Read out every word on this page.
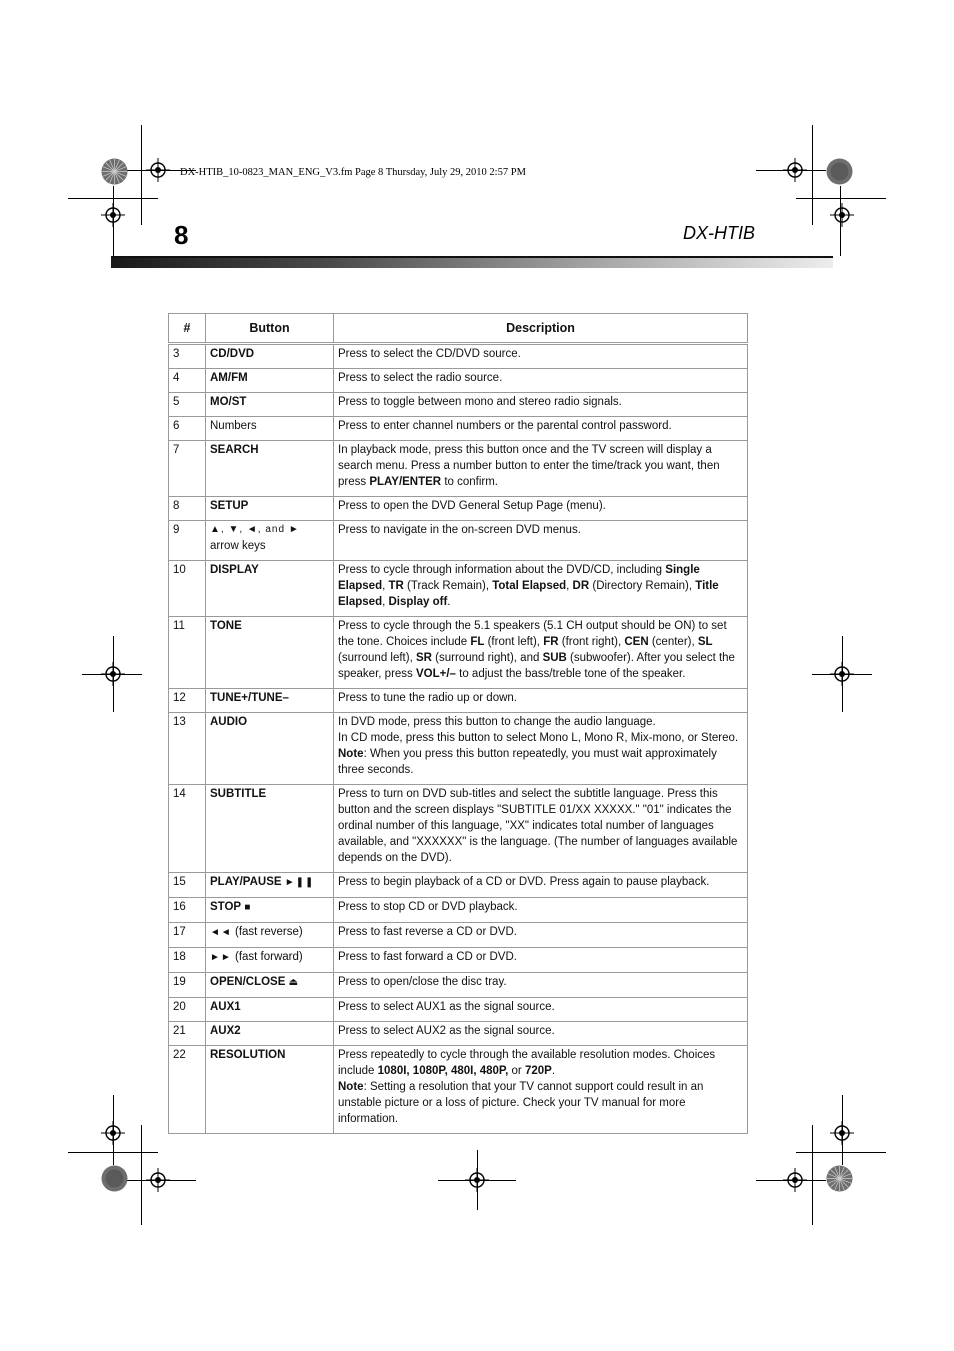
DX-HTIB_10-0823_MAN_ENG_V3.fm Page 8 Thursday, July 29, 2010 2:57 PM
8	DX-HTIB
#	Button	Description
3	CD/DVD	Press to select the CD/DVD source.
4	AM/FM	Press to select the radio source.
5	MO/ST	Press to toggle between mono and stereo radio signals.
6	Numbers	Press to enter channel numbers or the parental control password.
7	SEARCH	In playback mode, press this button once and the TV screen will display a search menu. Press a number button to enter the time/track you want, then press PLAY/ENTER to confirm.
8	SETUP	Press to open the DVD General Setup Page (menu).
9	▲, ▼, ◄, and ►
arrow keys	Press to navigate in the on-screen DVD menus.
10	DISPLAY	Press to cycle through information about the DVD/CD, including Single Elapsed, TR (Track Remain), Total Elapsed, DR (Directory Remain), Title Elapsed, Display off.
11	TONE	Press to cycle through the 5.1 speakers (5.1 CH output should be ON) to set the tone. Choices include FL (front left), FR (front right), CEN (center), SL (surround left), SR (surround right), and SUB (subwoofer). After you select the speaker, press VOL+/– to adjust the bass/treble tone of the speaker.
12	TUNE+/TUNE–	Press to tune the radio up or down.
13	AUDIO	In DVD mode, press this button to change the audio language.
In CD mode, press this button to select Mono L, Mono R, Mix-mono, or Stereo.
Note: When you press this button repeatedly, you must wait approximately three seconds.

14	SUBTITLE	Press to turn on DVD sub-titles and select the subtitle language. Press this button and the screen displays "SUBTITLE 01/XX XXXXX." "01" indicates the ordinal number of this language, "XX" indicates total number of languages available, and "XXXXXX" is the language. (The number of languages available depends on the DVD).
15	PLAY/PAUSE ►❚❚	Press to begin playback of a CD or DVD. Press again to pause playback.
16	STOP ■	Press to stop CD or DVD playback.
17	◄◄ (fast reverse)	Press to fast reverse a CD or DVD.
18	►► (fast forward)	Press to fast forward a CD or DVD.
19	OPEN/CLOSE ⏏	Press to open/close the disc tray.
20	AUX1	Press to select AUX1 as the signal source.
21	AUX2	Press to select AUX2 as the signal source.
22	RESOLUTION	Press repeatedly to cycle through the available resolution modes. Choices include 1080I, 1080P, 480I, 480P, or 720P.
Note: Setting a resolution that your TV cannot support could result in an unstable picture or a loss of picture. Check your TV manual for more information.
